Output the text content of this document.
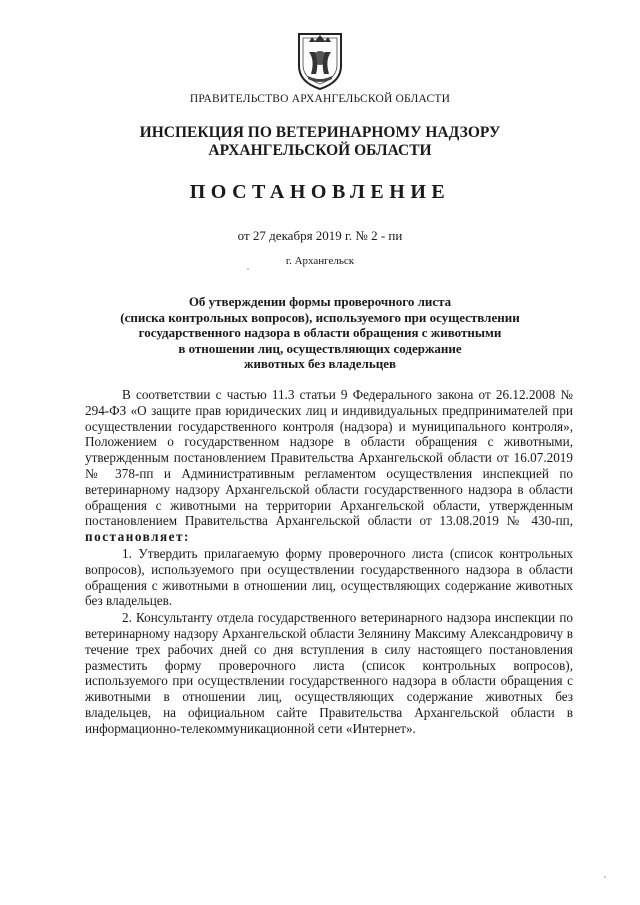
ПРАВИТЕЛЬСТВО АРХАНГЕЛЬСКОЙ ОБЛАСТИ
ИНСПЕКЦИЯ ПО ВЕТЕРИНАРНОМУ НАДЗОРУ
АРХАНГЕЛЬСКОЙ ОБЛАСТИ
ПОСТАНОВЛЕНИЕ
от 27 декабря 2019 г. № 2 - пи
г. Архангельск
Об утверждении формы проверочного листа
(списка контрольных вопросов), используемого при осуществлении
государственного надзора в области обращения с животными
в отношении лиц, осуществляющих содержание
животных без владельцев

В соответствии с частью 11.3 статьи 9 Федерального закона от 26.12.2008 № 294-ФЗ «О защите прав юридических лиц и индивидуальных предпринимателей при осуществлении государственного контроля (надзора) и муниципального контроля», Положением о государственном надзоре в области обращения с животными, утвержденным постановлением Правительства Архангельской области от 16.07.2019 № 378-пп и Административным регламентом осуществления инспекцией по ветеринарному надзору Архангельской области государственного надзора в области обращения с животными на территории Архангельской области, утвержденным постановлением Правительства Архангельской области от 13.08.2019 № 430-пп, постановляет:

1. Утвердить прилагаемую форму проверочного листа (список контрольных вопросов), используемого при осуществлении государственного надзора в области обращения с животными в отношении лиц, осуществляющих содержание животных без владельцев.

2. Консультанту отдела государственного ветеринарного надзора инспекции по ветеринарному надзору Архангельской области Зелянину Максиму Александровичу в течение трех рабочих дней со дня вступления в силу настоящего постановления разместить форму проверочного листа (список контрольных вопросов), используемого при осуществлении государственного надзора в области обращения с животными в отношении лиц, осуществляющих содержание животных без владельцев, на официальном сайте Правительства Архангельской области в информационно-телекоммуникационной сети «Интернет».
